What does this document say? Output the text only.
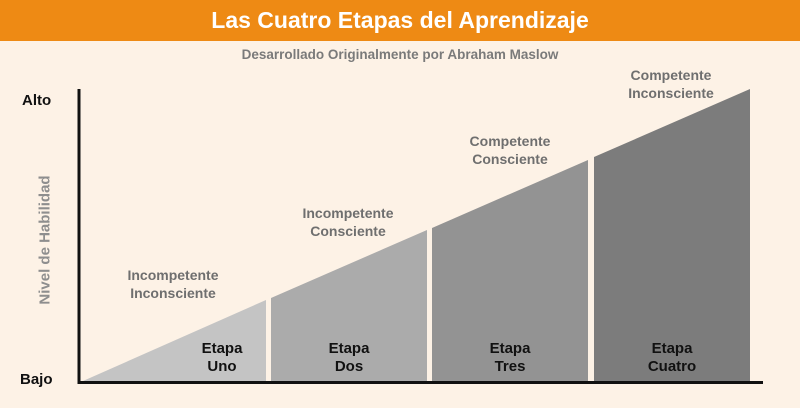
Las Cuatro Etapas del Aprendizaje
Desarrollado Originalmente por Abraham Maslow
Alto
Bajo
Nivel de Habilidad	Incompetente
Inconsciente
Incompetente
Consciente
Competente
Consciente
Competente
Inconsciente
Etapa
Uno
Etapa
Dos
Etapa
Tres
Etapa
Cuatro
